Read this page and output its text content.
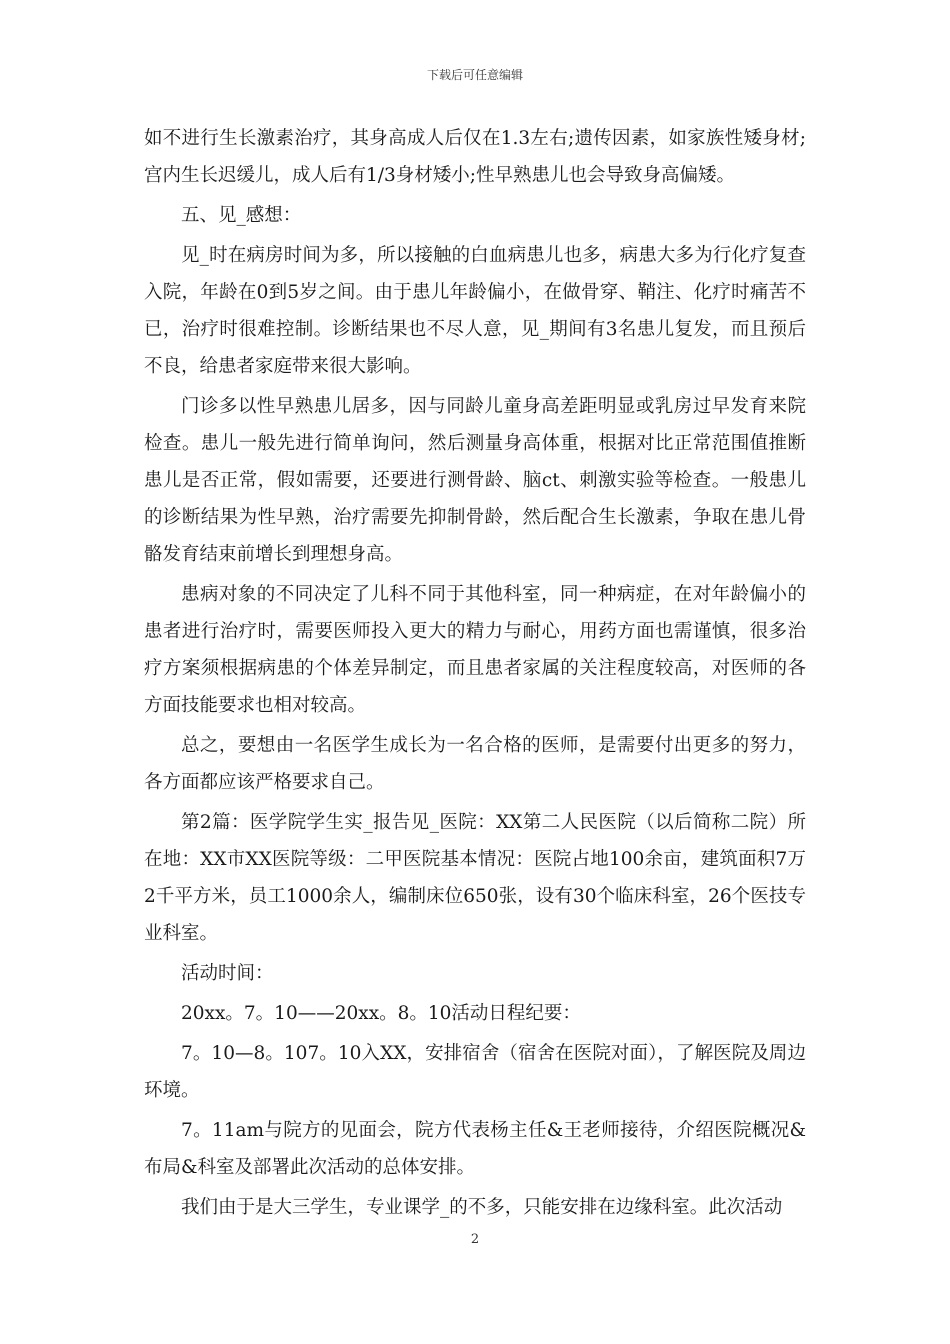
下载后可任意编辑

如不进行生长激素治疗，其身高成人后仅在1.3左右;遗传因素，如家族性矮身材;宫内生长迟缓儿，成人后有1/3身材矮小;性早熟患儿也会导致身高偏矮。

五、见_感想：

见_时在病房时间为多，所以接触的白血病患儿也多，病患大多为行化疗复查入院，年龄在0到5岁之间。由于患儿年龄偏小，在做骨穿、鞘注、化疗时痛苦不已，治疗时很难控制。诊断结果也不尽人意，见_期间有3名患儿复发，而且预后不良，给患者家庭带来很大影响。

门诊多以性早熟患儿居多，因与同龄儿童身高差距明显或乳房过早发育来院检查。患儿一般先进行简单询问，然后测量身高体重，根据对比正常范围值推断患儿是否正常，假如需要，还要进行测骨龄、脑ct、刺激实验等检查。一般患儿的诊断结果为性早熟，治疗需要先抑制骨龄，然后配合生长激素，争取在患儿骨骼发育结束前增长到理想身高。

患病对象的不同决定了儿科不同于其他科室，同一种病症，在对年龄偏小的患者进行治疗时，需要医师投入更大的精力与耐心，用药方面也需谨慎，很多治疗方案须根据病患的个体差异制定，而且患者家属的关注程度较高，对医师的各方面技能要求也相对较高。

总之，要想由一名医学生成长为一名合格的医师，是需要付出更多的努力，各方面都应该严格要求自己。

第2篇：医学院学生实_报告见_医院：XX第二人民医院（以后简称二院）所在地：XX市XX医院等级：二甲医院基本情况：医院占地100余亩，建筑面积7万2千平方米，员工1000余人，编制床位650张，设有30个临床科室，26个医技专业科室。

活动时间：

20xx。7。10——20xx。8。10活动日程纪要：

7。10—8。107。10入XX，安排宿舍（宿舍在医院对面），了解医院及周边环境。

7。11am与院方的见面会，院方代表杨主任&王老师接待，介绍医院概况&布局&科室及部署此次活动的总体安排。

我们由于是大三学生，专业课学_的不多，只能安排在边缘科室。此次活动

2
